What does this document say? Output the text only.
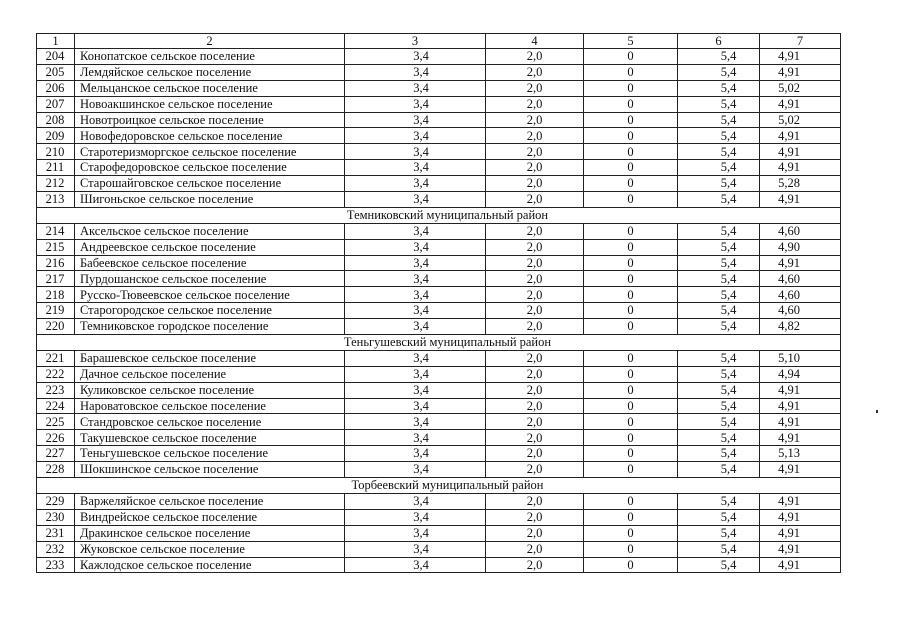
1	2	3	4	5	6	7
204	Конопатское сельское поселение	3,4	2,0	0	5,4	4,91
205	Лемдяйское сельское поселение	3,4	2,0	0	5,4	4,91
206	Мельцанское сельское поселение	3,4	2,0	0	5,4	5,02
207	Новоакшинское сельское поселение	3,4	2,0	0	5,4	4,91
208	Новотроицкое сельское поселение	3,4	2,0	0	5,4	5,02
209	Новофедоровское сельское поселение	3,4	2,0	0	5,4	4,91
210	Старотеризморгское сельское поселение	3,4	2,0	0	5,4	4,91
211	Старофедоровское сельское поселение	3,4	2,0	0	5,4	4,91
212	Старошайговское сельское поселение	3,4	2,0	0	5,4	5,28
213	Шигоньское сельское поселение	3,4	2,0	0	5,4	4,91
Темниковский муниципальный район						
214	Аксельское сельское поселение	3,4	2,0	0	5,4	4,60
215	Андреевское сельское поселение	3,4	2,0	0	5,4	4,90
216	Бабеевское сельское поселение	3,4	2,0	0	5,4	4,91
217	Пурдошанское сельское поселение	3,4	2,0	0	5,4	4,60
218	Русско-Тювеевское сельское поселение	3,4	2,0	0	5,4	4,60
219	Старогородское сельское поселение	3,4	2,0	0	5,4	4,60
220	Темниковское городское поселение	3,4	2,0	0	5,4	4,82
Теньгушевский муниципальный район						
221	Барашевское сельское поселение	3,4	2,0	0	5,4	5,10
222	Дачное сельское поселение	3,4	2,0	0	5,4	4,94
223	Куликовское сельское поселение	3,4	2,0	0	5,4	4,91
224	Нароватовское сельское поселение	3,4	2,0	0	5,4	4,91
225	Стандровское сельское поселение	3,4	2,0	0	5,4	4,91
226	Такушевское сельское поселение	3,4	2,0	0	5,4	4,91
227	Теньгушевское сельское поселение	3,4	2,0	0	5,4	5,13
228	Шокшинское сельское поселение	3,4	2,0	0	5,4	4,91
Торбеевский муниципальный район						
229	Варжеляйское сельское поселение	3,4	2,0	0	5,4	4,91
230	Виндрейское сельское поселение	3,4	2,0	0	5,4	4,91
231	Дракинское сельское поселение	3,4	2,0	0	5,4	4,91
232	Жуковское сельское поселение	3,4	2,0	0	5,4	4,91
233	Кажлодское сельское поселение	3,4	2,0	0	5,4	4,91
